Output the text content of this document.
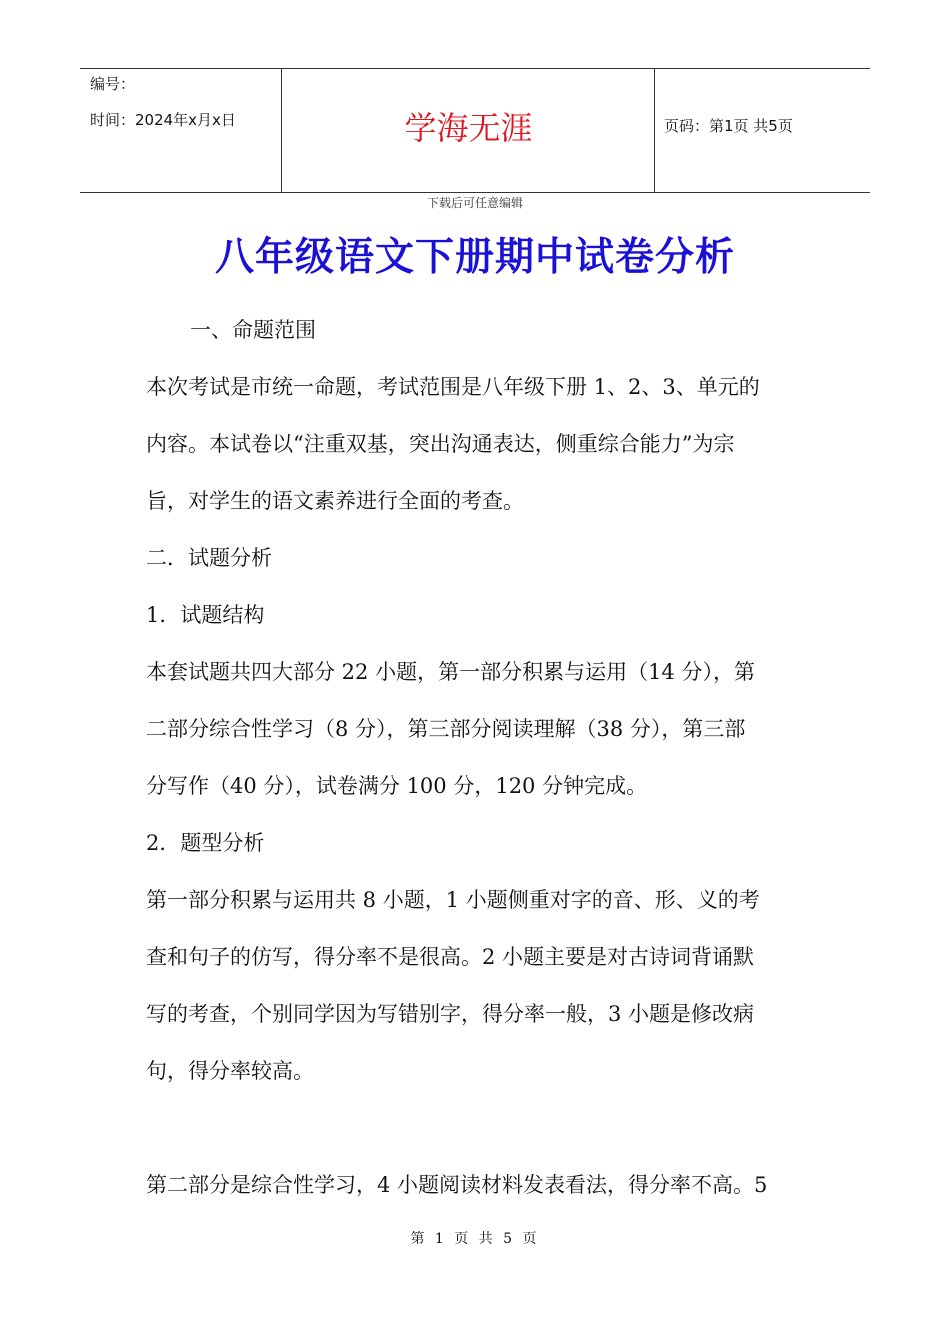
编号：
时间：2024年x月x日	学海无涯	页码：第1页 共5页
下载后可任意编辑
八年级语文下册期中试卷分析
一、命题范围
本次考试是市统一命题，考试范围是八年级下册 1、2、3、单元的
内容。本试卷以“注重双基，突出沟通表达，侧重综合能力”为宗
旨，对学生的语文素养进行全面的考查。
二．试题分析
1．试题结构
本套试题共四大部分 22 小题，第一部分积累与运用（14 分），第
二部分综合性学习（8 分），第三部分阅读理解（38 分），第三部
分写作（40 分），试卷满分 100 分，120 分钟完成。
2．题型分析
第一部分积累与运用共 8 小题，1 小题侧重对字的音、形、义的考
查和句子的仿写，得分率不是很高。2 小题主要是对古诗词背诵默
写的考查，个别同学因为写错别字，得分率一般，3 小题是修改病
句，得分率较高。
第二部分是综合性学习，4 小题阅读材料发表看法，得分率不高。5
第 1 页 共 5 页
